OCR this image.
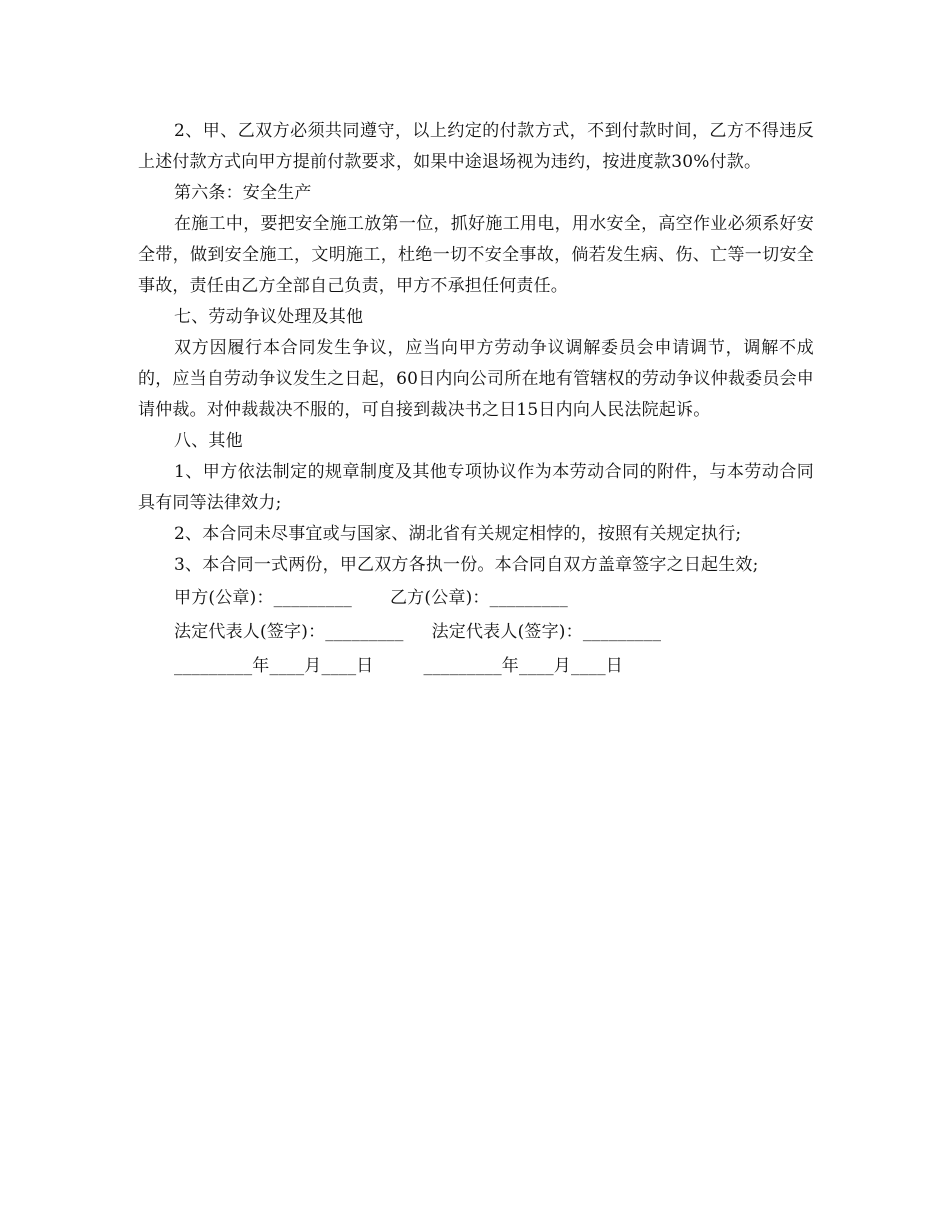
2、甲、乙双方必须共同遵守，以上约定的付款方式，不到付款时间，乙方不得违反上述付款方式向甲方提前付款要求，如果中途退场视为违约，按进度款30%付款。

第六条：安全生产

在施工中，要把安全施工放第一位，抓好施工用电，用水安全，高空作业必须系好安全带，做到安全施工，文明施工，杜绝一切不安全事故，倘若发生病、伤、亡等一切安全事故，责任由乙方全部自己负责，甲方不承担任何责任。

七、劳动争议处理及其他

双方因履行本合同发生争议，应当向甲方劳动争议调解委员会申请调节，调解不成的，应当自劳动争议发生之日起，60日内向公司所在地有管辖权的劳动争议仲裁委员会申请仲裁。对仲裁裁决不服的，可自接到裁决书之日15日内向人民法院起诉。

八、其他

1、甲方依法制定的规章制度及其他专项协议作为本劳动合同的附件，与本劳动合同具有同等法律效力;

2、本合同未尽事宜或与国家、湖北省有关规定相悖的，按照有关规定执行;

3、本合同一式两份，甲乙双方各执一份。本合同自双方盖章签字之日起生效;

甲方(公章)：_________ 乙方(公章)：_________
法定代表人(签字)：_________ 法定代表人(签字)：_________
_________年____月____日	_________年____月____日
